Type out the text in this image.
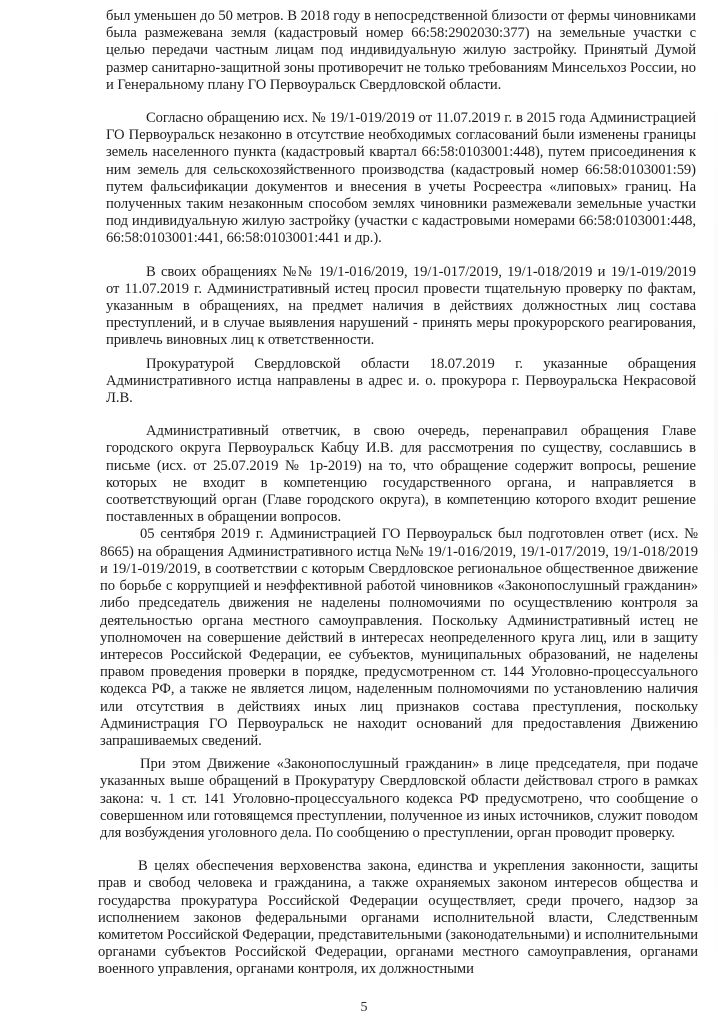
был уменьшен до 50 метров. В 2018 году в непосредственной близости от фермы чиновниками была размежевана земля (кадастровый номер 66:58:2902030:377) на земельные участки с целью передачи частным лицам под индивидуальную жилую застройку. Принятый Думой размер санитарно-защитной зоны противоречит не только требованиям Минсельхоз России, но и Генеральному плану ГО Первоуральск Свердловской области.

Согласно обращению исх. № 19/1-019/2019 от 11.07.2019 г. в 2015 года Администрацией ГО Первоуральск незаконно в отсутствие необходимых согласований были изменены границы земель населенного пункта (кадастровый квартал 66:58:0103001:448), путем присоединения к ним земель для сельскохозяйственного производства (кадастровый номер 66:58:0103001:59) путем фальсификации документов и внесения в учеты Росреестра «липовых» границ. На полученных таким незаконным способом землях чиновники размежевали земельные участки под индивидуальную жилую застройку (участки с кадастровыми номерами 66:58:0103001:448, 66:58:0103001:441, 66:58:0103001:441 и др.).

В своих обращениях №№ 19/1-016/2019, 19/1-017/2019, 19/1-018/2019 и 19/1-019/2019 от 11.07.2019 г. Административный истец просил провести тщательную проверку по фактам, указанным в обращениях, на предмет наличия в действиях должностных лиц состава преступлений, и в случае выявления нарушений - принять меры прокурорского реагирования, привлечь виновных лиц к ответственности.

Прокуратурой Свердловской области 18.07.2019 г. указанные обращения Административного истца направлены в адрес и. о. прокурора г. Первоуральска Некрасовой Л.В.

Административный ответчик, в свою очередь, перенаправил обращения Главе городского округа Первоуральск Кабцу И.В. для рассмотрения по существу, сославшись в письме (исх. от 25.07.2019 № 1р-2019) на то, что обращение содержит вопросы, решение которых не входит в компетенцию государственного органа, и направляется в соответствующий орган (Главе городского округа), в компетенцию которого входит решение поставленных в обращении вопросов.

05 сентября 2019 г. Администрацией ГО Первоуральск был подготовлен ответ (исх. № 8665) на обращения Административного истца №№ 19/1-016/2019, 19/1-017/2019, 19/1-018/2019 и 19/1-019/2019, в соответствии с которым Свердловское региональное общественное движение по борьбе с коррупцией и неэффективной работой чиновников «Законопослушный гражданин» либо председатель движения не наделены полномочиями по осуществлению контроля за деятельностью органа местного самоуправления. Поскольку Административный истец не уполномочен на совершение действий в интересах неопределенного круга лиц, или в защиту интересов Российской Федерации, ее субъектов, муниципальных образований, не наделены правом проведения проверки в порядке, предусмотренном ст. 144 Уголовно-процессуального кодекса РФ, а также не является лицом, наделенным полномочиями по установлению наличия или отсутствия в действиях иных лиц признаков состава преступления, поскольку Администрация ГО Первоуральск не находит оснований для предоставления Движению запрашиваемых сведений.

При этом Движение «Законопослушный гражданин» в лице председателя, при подаче указанных выше обращений в Прокуратуру Свердловской области действовал строго в рамках закона: ч. 1 ст. 141 Уголовно-процессуального кодекса РФ предусмотрено, что сообщение о совершенном или готовящемся преступлении, полученное из иных источников, служит поводом для возбуждения уголовного дела. По сообщению о преступлении, орган проводит проверку.

В целях обеспечения верховенства закона, единства и укрепления законности, защиты прав и свобод человека и гражданина, а также охраняемых законом интересов общества и государства прокуратура Российской Федерации осуществляет, среди прочего, надзор за исполнением законов федеральными органами исполнительной власти, Следственным комитетом Российской Федерации, представительными (законодательными) и исполнительными органами субъектов Российской Федерации, органами местного самоуправления, органами военного управления, органами контроля, их должностными

5
